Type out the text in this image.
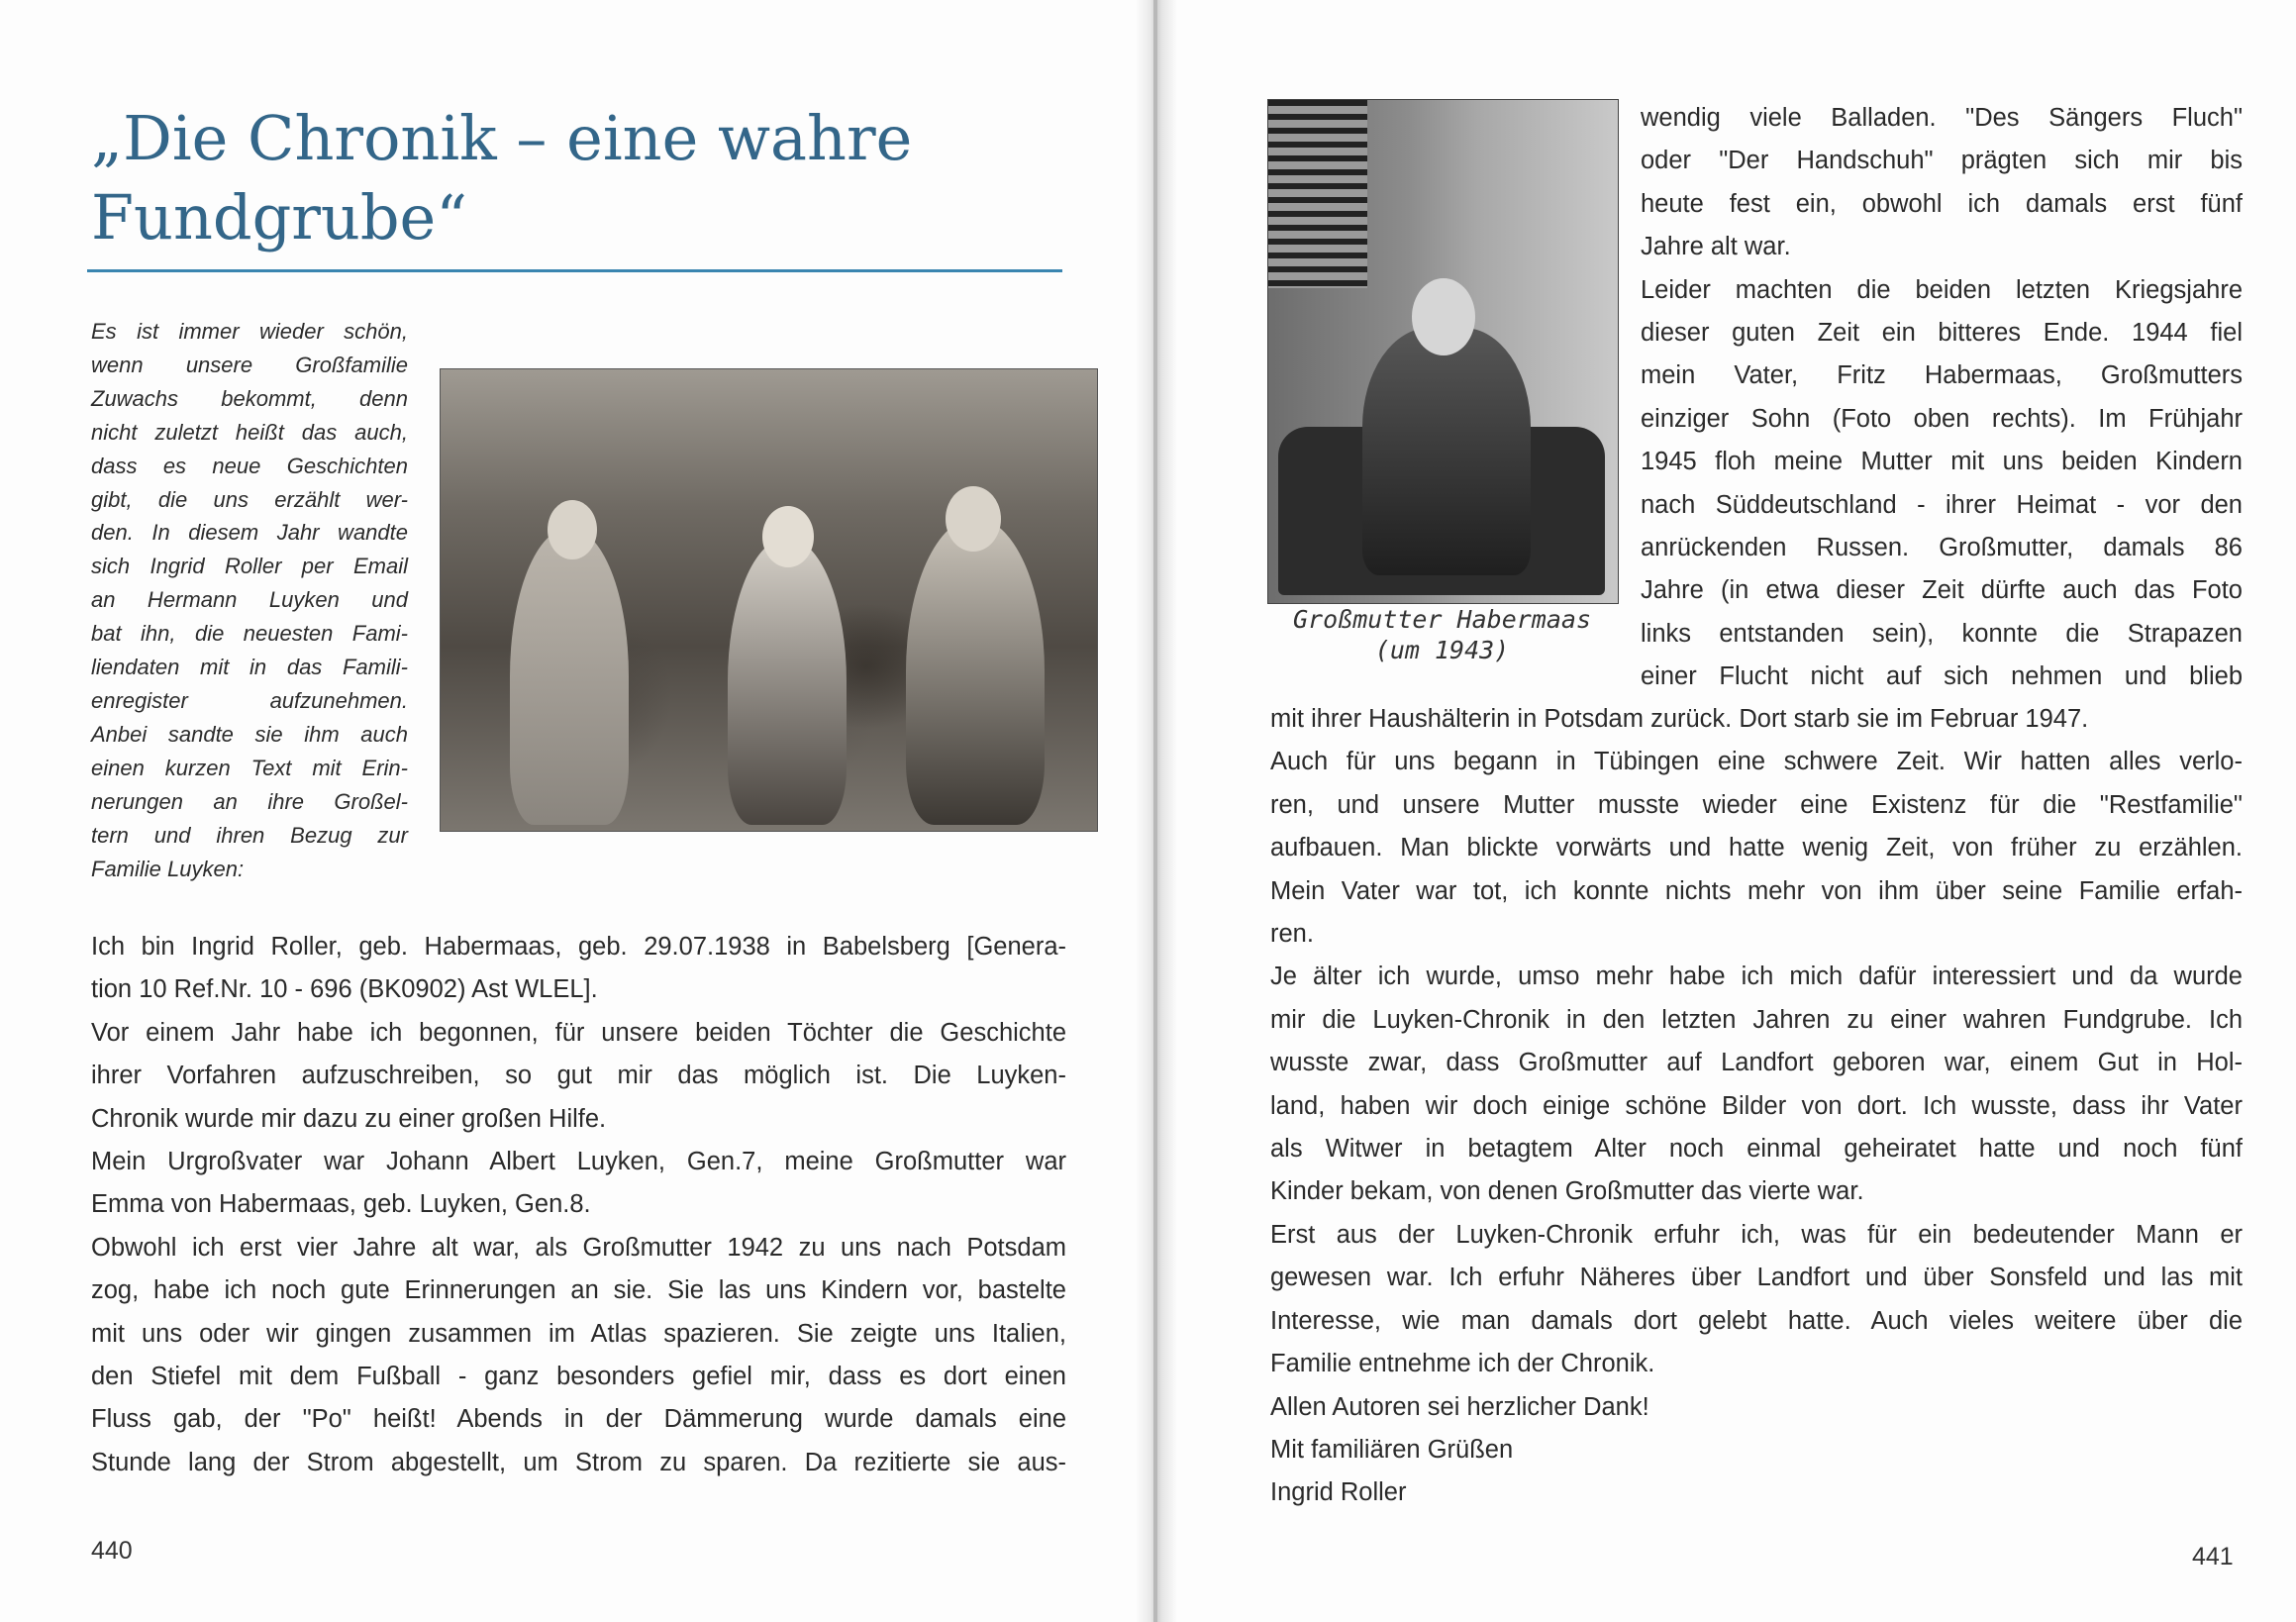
„Die Chronik – eine wahre Fundgrube“
Es ist immer wieder schön,
wenn unsere Großfamilie
Zuwachs bekommt, denn
nicht zuletzt heißt das auch,
dass es neue Geschichten
gibt, die uns erzählt wer-
den. In diesem Jahr wandte
sich Ingrid Roller per Email
an Hermann Luyken und
bat ihn, die neuesten Fami-
liendaten mit in das Famili-
enregister aufzunehmen.
Anbei sandte sie ihm auch
einen kurzen Text mit Erin-
nerungen an ihre Großel-
tern und ihren Bezug zur
Familie Luyken:
Ich bin Ingrid Roller, geb. Habermaas, geb. 29.07.1938 in Babelsberg [Genera-
tion 10 Ref.Nr. 10 - 696 (BK0902) Ast WLEL].
Vor einem Jahr habe ich begonnen, für unsere beiden Töchter die Geschichte
ihrer Vorfahren aufzuschreiben, so gut mir das möglich ist. Die Luyken-
Chronik wurde mir dazu zu einer großen Hilfe.
Mein Urgroßvater war Johann Albert Luyken, Gen.7, meine Großmutter war
Emma von Habermaas, geb. Luyken, Gen.8.
Obwohl ich erst vier Jahre alt war, als Großmutter 1942 zu uns nach Potsdam
zog, habe ich noch gute Erinnerungen an sie. Sie las uns Kindern vor, bastelte
mit uns oder wir gingen zusammen im Atlas spazieren. Sie zeigte uns Italien,
den Stiefel mit dem Fußball - ganz besonders gefiel mir, dass es dort einen
Fluss gab, der "Po" heißt! Abends in der Dämmerung wurde damals eine
Stunde lang der Strom abgestellt, um Strom zu sparen. Da rezitierte sie aus-
440
Großmutter Habermaas
(um 1943)
wendig viele Balladen. "Des Sängers Fluch"
oder "Der Handschuh" prägten sich mir bis
heute fest ein, obwohl ich damals erst fünf
Jahre alt war.
Leider machten die beiden letzten Kriegsjahre
dieser guten Zeit ein bitteres Ende. 1944 fiel
mein Vater, Fritz Habermaas, Großmutters
einziger Sohn (Foto oben rechts). Im Frühjahr
1945 floh meine Mutter mit uns beiden Kindern
nach Süddeutschland - ihrer Heimat - vor den
anrückenden Russen. Großmutter, damals 86
Jahre (in etwa dieser Zeit dürfte auch das Foto
links entstanden sein), konnte die Strapazen
einer Flucht nicht auf sich nehmen und blieb
mit ihrer Haushälterin in Potsdam zurück. Dort starb sie im Februar 1947.
Auch für uns begann in Tübingen eine schwere Zeit. Wir hatten alles verlo-
ren, und unsere Mutter musste wieder eine Existenz für die "Restfamilie"
aufbauen. Man blickte vorwärts und hatte wenig Zeit, von früher zu erzählen.
Mein Vater war tot, ich konnte nichts mehr von ihm über seine Familie erfah-
ren.
Je älter ich wurde, umso mehr habe ich mich dafür interessiert und da wurde
mir die Luyken-Chronik in den letzten Jahren zu einer wahren Fundgrube. Ich
wusste zwar, dass Großmutter auf Landfort geboren war, einem Gut in Hol-
land, haben wir doch einige schöne Bilder von dort. Ich wusste, dass ihr Vater
als Witwer in betagtem Alter noch einmal geheiratet hatte und noch fünf
Kinder bekam, von denen Großmutter das vierte war.
Erst aus der Luyken-Chronik erfuhr ich, was für ein bedeutender Mann er
gewesen war. Ich erfuhr Näheres über Landfort und über Sonsfeld und las mit
Interesse, wie man damals dort gelebt hatte. Auch vieles weitere über die
Familie entnehme ich der Chronik.
Allen Autoren sei herzlicher Dank!
Mit familiären Grüßen
Ingrid Roller
441
